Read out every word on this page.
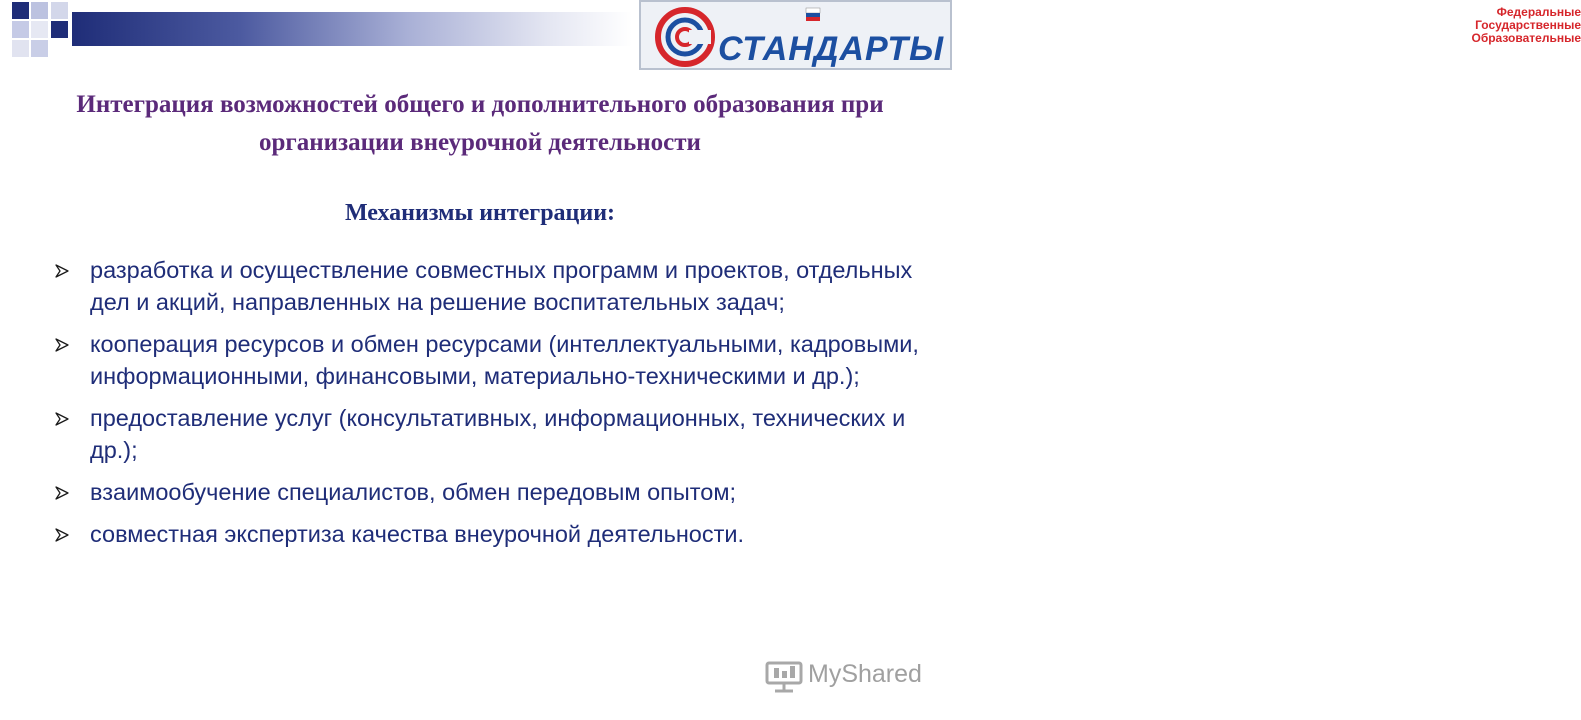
Федеральные
Государственные
Образовательные
СТАНДАРТЫ
Интеграция возможностей общего и дополнительного образования при организации внеурочной деятельности
Механизмы интеграции:
разработка и осуществление совместных программ и проектов, отдельных дел и акций, направленных на решение воспитательных задач;
кооперация ресурсов и обмен ресурсами (интеллектуальными, кадровыми, информационными, финансовыми, материально-техническими и др.);
предоставление услуг (консультативных, информационных, технических и др.);
взаимообучение специалистов, обмен передовым опытом;
совместная экспертиза качества внеурочной деятельности.
MyShared
